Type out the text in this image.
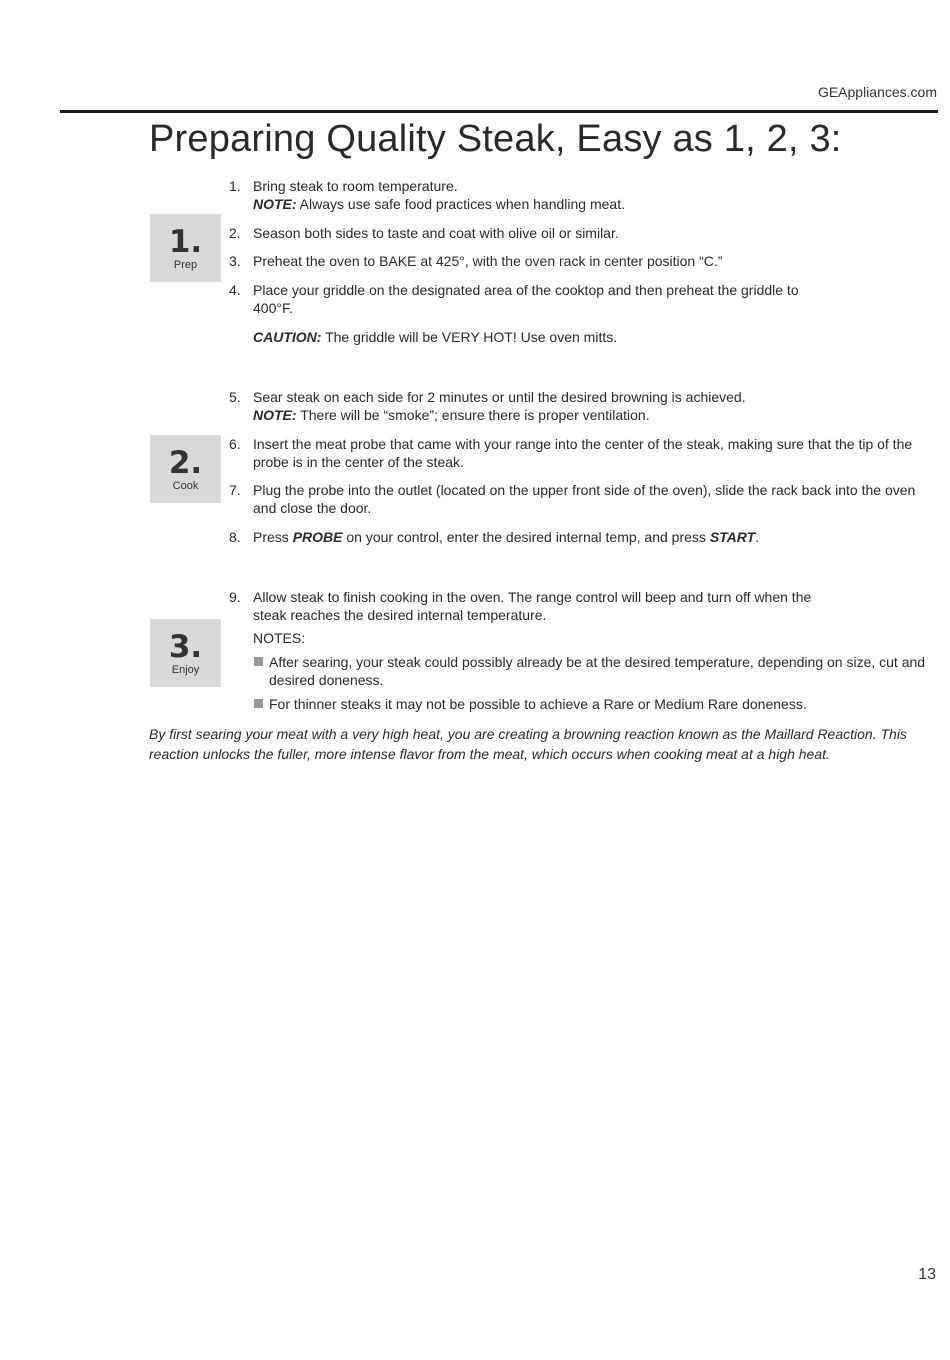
GEAppliances.com
Preparing Quality Steak, Easy as 1, 2, 3:
1.
Prep
2.
Cook
3.
Enjoy
1. Bring steak to room temperature.
NOTE: Always use safe food practices when handling meat.
2. Season both sides to taste and coat with olive oil or similar.
3. Preheat the oven to BAKE at 425°, with the oven rack in center position “C.”
4. Place your griddle on the designated area of the cooktop and then preheat the griddle to 400°F.
CAUTION: The griddle will be VERY HOT! Use oven mitts.
5. Sear steak on each side for 2 minutes or until the desired browning is achieved.
NOTE: There will be “smoke”; ensure there is proper ventilation.
6. Insert the meat probe that came with your range into the center of the steak, making sure that the tip of the probe is in the center of the steak.
7. Plug the probe into the outlet (located on the upper front side of the oven), slide the rack back into the oven and close the door.
8. Press PROBE on your control, enter the desired internal temp, and press START.
9. Allow steak to finish cooking in the oven. The range control will beep and turn off when the steak reaches the desired internal temperature.
NOTES:
After searing, your steak could possibly already be at the desired temperature, depending on size, cut and desired doneness.
For thinner steaks it may not be possible to achieve a Rare or Medium Rare doneness.
By first searing your meat with a very high heat, you are creating a browning reaction known as the Maillard Reaction. This reaction unlocks the fuller, more intense flavor from the meat, which occurs when cooking meat at a high heat.
13
